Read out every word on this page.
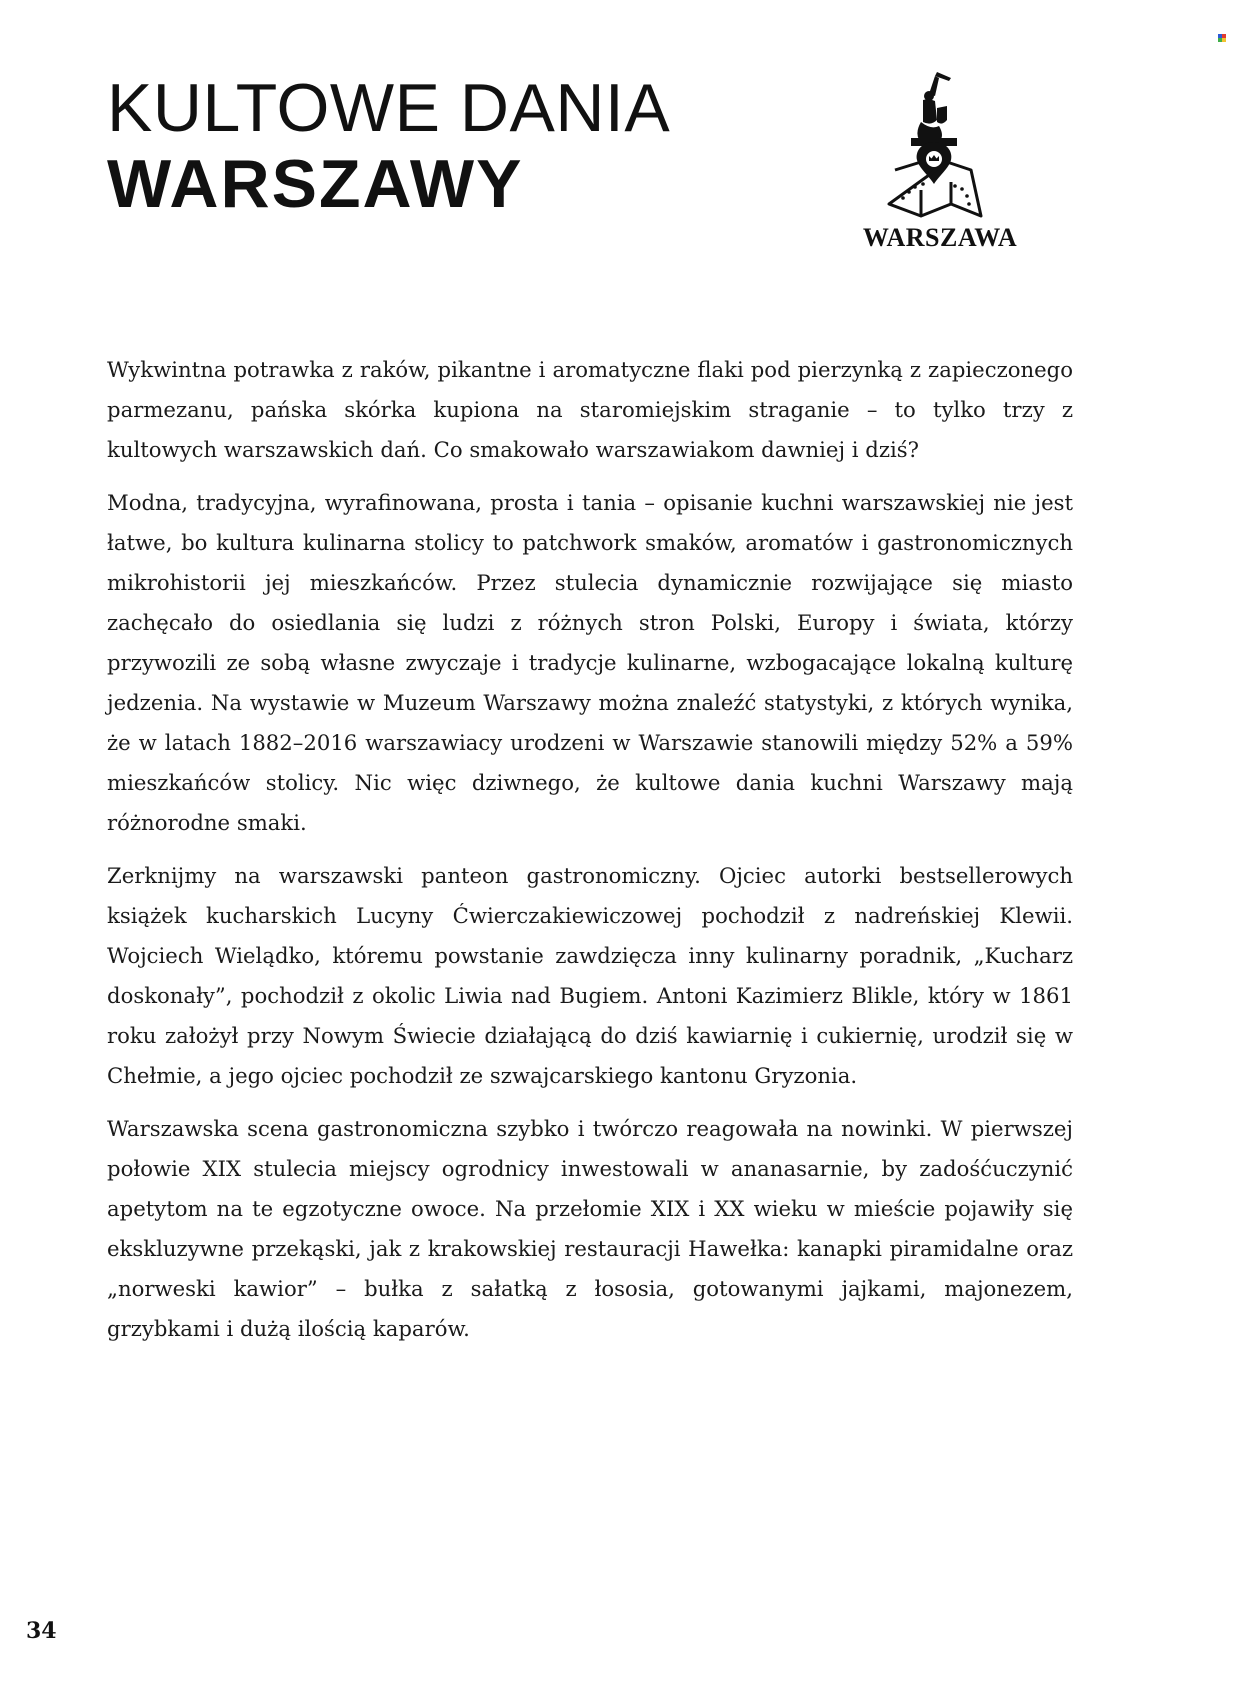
KULTOWE DANIA
WARSZAWY
WARSZAWA

Wykwintna potrawka z raków, pikantne i aromatyczne flaki pod pierzynką z zapieczonego parmezanu, pańska skórka kupiona na staromiejskim straganie – to tylko trzy z kultowych warszawskich dań. Co smakowało warszawiakom dawniej i dziś?

Modna, tradycyjna, wyrafinowana, prosta i tania – opisanie kuchni warszawskiej nie jest łatwe, bo kultura kulinarna stolicy to patchwork smaków, aromatów i gastronomicznych mikrohistorii jej mieszkańców. Przez stulecia dynamicznie rozwijające się miasto zachęcało do osiedlania się ludzi z różnych stron Polski, Europy i świata, którzy przywozili ze sobą własne zwyczaje i tradycje kulinarne, wzbogacające lokalną kulturę jedzenia. Na wystawie w Muzeum Warszawy można znaleźć statystyki, z których wynika, że w latach 1882–2016 warszawiacy urodzeni w Warszawie stanowili między 52% a 59% mieszkańców stolicy. Nic więc dziwnego, że kultowe dania kuchni Warszawy mają różnorodne smaki.

Zerknijmy na warszawski panteon gastronomiczny. Ojciec autorki bestsellerowych książek kucharskich Lucyny Ćwierczakiewiczowej pochodził z nadreńskiej Klewii. Wojciech Wielądko, któremu powstanie zawdzięcza inny kulinarny poradnik, „Kucharz doskonały”, pochodził z okolic Liwia nad Bugiem. Antoni Kazimierz Blikle, który w 1861 roku założył przy Nowym Świecie działającą do dziś kawiarnię i cukiernię, urodził się w Chełmie, a jego ojciec pochodził ze szwajcarskiego kantonu Gryzonia.

Warszawska scena gastronomiczna szybko i twórczo reagowała na nowinki. W pierwszej połowie XIX stulecia miejscy ogrodnicy inwestowali w ananasarnie, by zadośćuczynić apetytom na te egzotyczne owoce. Na przełomie XIX i XX wieku w mieście pojawiły się ekskluzywne przekąski, jak z krakowskiej restauracji Hawełka: kanapki piramidalne oraz „norweski kawior” – bułka z sałatką z łososia, gotowanymi jajkami, majonezem, grzybkami i dużą ilością kaparów.

34
